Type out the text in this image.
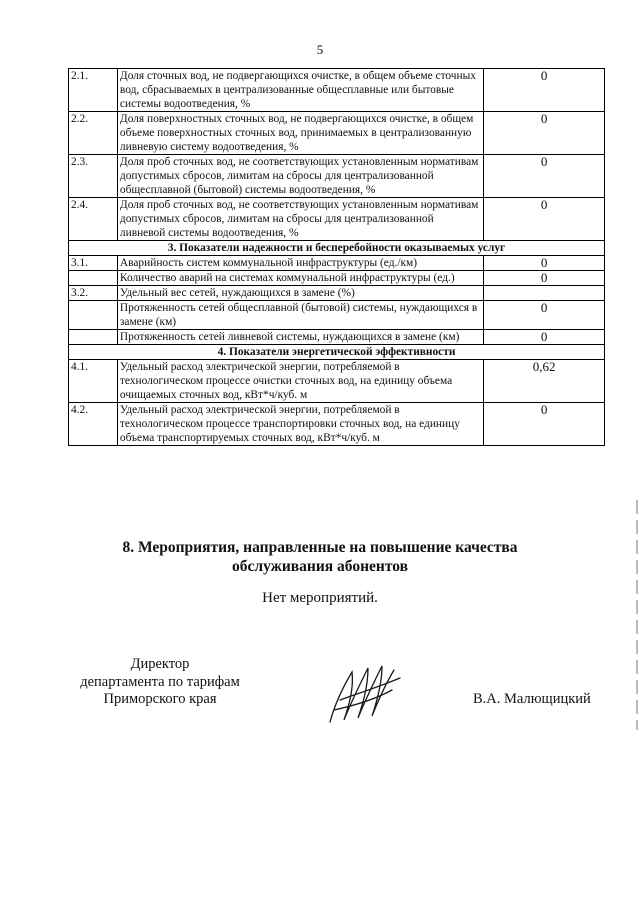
5
2.1.	Доля сточных вод, не подвергающихся очистке, в общем объеме сточных вод, сбрасываемых в централизованные общесплавные или бытовые системы водоотведения, %	0
2.2.	Доля поверхностных сточных вод, не подвергающихся очистке, в общем объеме поверхностных сточных вод, принимаемых в централизованную ливневую систему водоотведения, %	0
2.3.	Доля проб сточных вод, не соответствующих установленным нормативам допустимых сбросов, лимитам на сбросы для централизованной общесплавной (бытовой) системы водоотведения, %	0
2.4.	Доля проб сточных вод, не соответствующих установленным нормативам допустимых сбросов, лимитам на сбросы для централизованной ливневой системы водоотведения, %	0
3. Показатели надежности и бесперебойности оказываемых услуг		
3.1.	Аварийность систем коммунальной инфраструктуры (ед./км)	0
	Количество аварий на системах коммунальной инфраструктуры (ед.)	0
3.2.	Удельный вес сетей, нуждающихся в замене (%)	
	Протяженность сетей общесплавной (бытовой) системы, нуждающихся в замене (км)	0
	Протяженность сетей ливневой системы, нуждающихся в замене (км)	0
4. Показатели энергетической эффективности		
4.1.	Удельный расход электрической энергии, потребляемой в технологическом процессе очистки сточных вод, на единицу объема очищаемых сточных вод, кВт*ч/куб. м	0,62
4.2.	Удельный расход электрической энергии, потребляемой в технологическом процессе транспортировки сточных вод, на единицу объема транспортируемых сточных вод, кВт*ч/куб. м	0
8. Мероприятия, направленные на повышение качества
обслуживания абонентов
Нет мероприятий.
Директор
департамента по тарифам
Приморского края	В.А. Малющицкий
